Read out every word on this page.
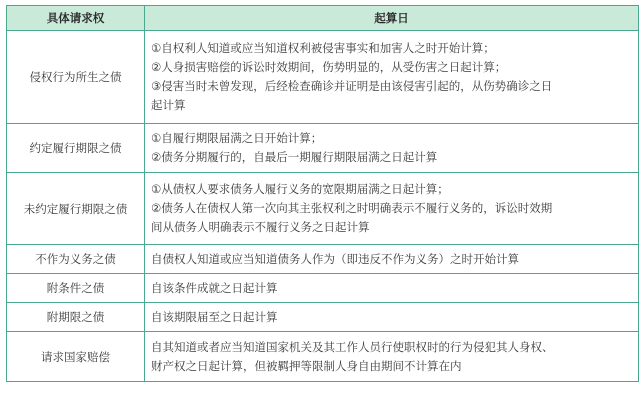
具体请求权	起算日
侵权行为所生之债	①自权利人知道或应当知道权利被侵害事实和加害人之时开始计算；
②人身损害赔偿的诉讼时效期间，伤势明显的，从受伤害之日起计算；
③侵害当时未曾发现，后经检查确诊并证明是由该侵害引起的，从伤势确诊之日
起计算

约定履行期限之债	①自履行期限届满之日开始计算；
②债务分期履行的，自最后一期履行期限届满之日起计算

未约定履行期限之债	①从债权人要求债务人履行义务的宽限期届满之日起计算；
②债务人在债权人第一次向其主张权利之时明确表示不履行义务的，诉讼时效期
间从债务人明确表示不履行义务之日起计算

不作为义务之债	自债权人知道或应当知道债务人作为（即违反不作为义务）之时开始计算

附条件之债	自该条件成就之日起计算

附期限之债	自该期限届至之日起计算

请求国家赔偿	自其知道或者应当知道国家机关及其工作人员行使职权时的行为侵犯其人身权、
财产权之日起计算，但被羁押等限制人身自由期间不计算在内
